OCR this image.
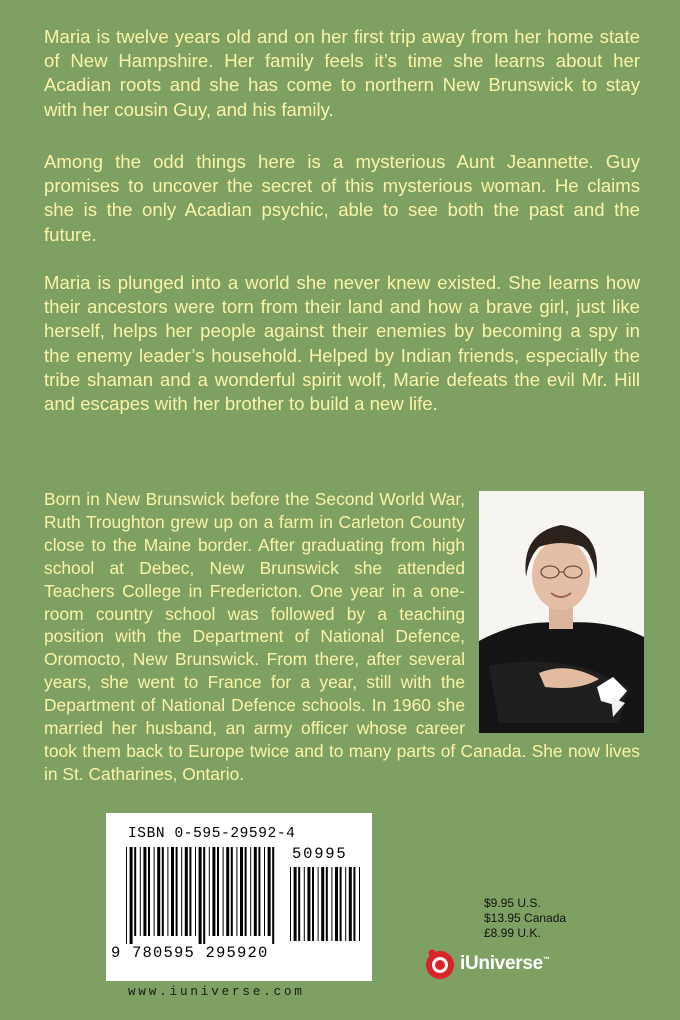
Maria is twelve years old and on her first trip away from her home state of New Hampshire. Her family feels it’s time she learns about her Acadian roots and she has come to northern New Brunswick to stay with her cousin Guy, and his family.

Among the odd things here is a mysterious Aunt Jeannette. Guy promises to uncover the secret of this mysterious woman. He claims she is the only Acadian psychic, able to see both the past and the future.

Maria is plunged into a world she never knew existed. She learns how their ancestors were torn from their land and how a brave girl, just like herself, helps her people against their enemies by becoming a spy in the enemy leader’s household. Helped by Indian friends, especially the tribe shaman and a wonderful spirit wolf, Marie defeats the evil Mr. Hill and escapes with her brother to build a new life.

Born in New Brunswick before the Second World War, Ruth Troughton grew up on a farm in Carleton County close to the Maine border. After graduating from high school at Debec, New Brunswick she attended Teachers College in Fredericton. One year in a one-room country school was followed by a teaching position with the Department of National Defence, Oromocto, New Brunswick. From there, after several years, she went to France for a year, still with the Department of National Defence schools. In 1960 she married her husband, an army officer whose career took them back to Europe twice and to many parts of Canada. She now lives in St. Catharines, Ontario.
ISBN 0-595-29592-4
50995
9 780595 295920
www.iuniverse.com
$9.95 U.S.
$13.95 Canada
£8.99 U.K.
iUniverse™
